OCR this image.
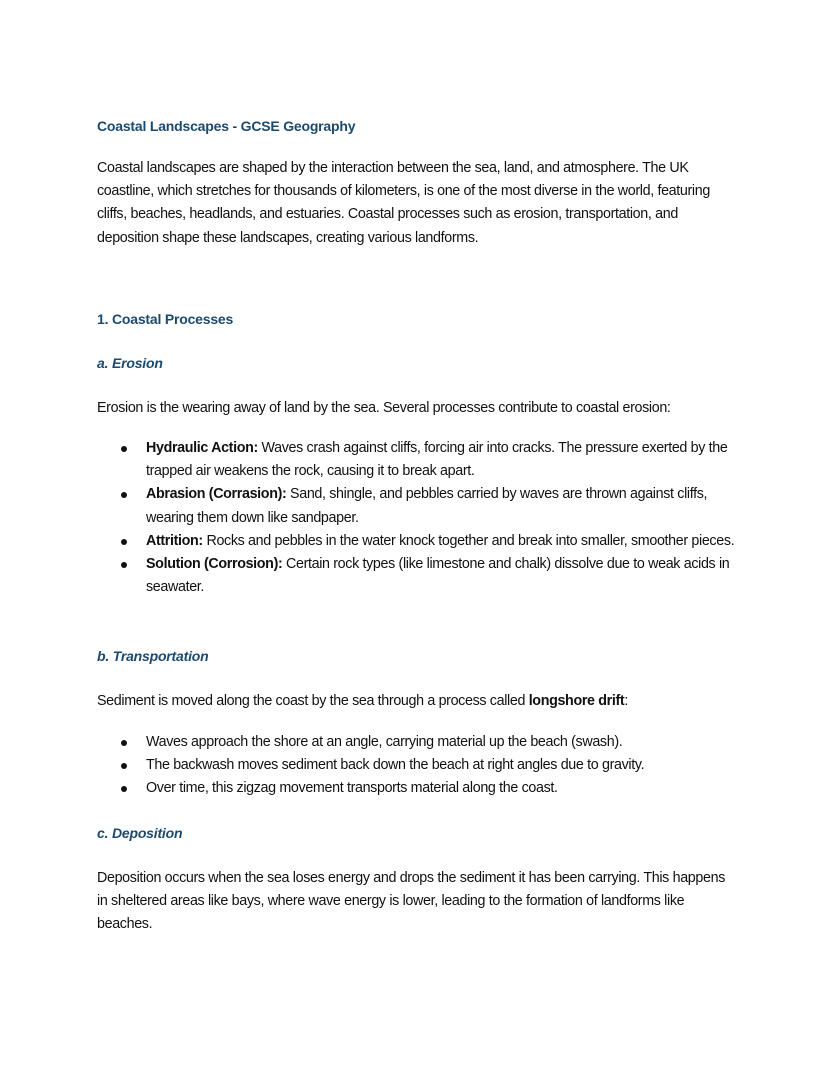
Coastal Landscapes - GCSE Geography

Coastal landscapes are shaped by the interaction between the sea, land, and atmosphere. The UK coastline, which stretches for thousands of kilometers, is one of the most diverse in the world, featuring cliffs, beaches, headlands, and estuaries. Coastal processes such as erosion, transportation, and deposition shape these landscapes, creating various landforms.

1. Coastal Processes
a. Erosion

Erosion is the wearing away of land by the sea. Several processes contribute to coastal erosion:

Hydraulic Action: Waves crash against cliffs, forcing air into cracks. The pressure exerted by the trapped air weakens the rock, causing it to break apart.
Abrasion (Corrasion): Sand, shingle, and pebbles carried by waves are thrown against cliffs, wearing them down like sandpaper.
Attrition: Rocks and pebbles in the water knock together and break into smaller, smoother pieces.
Solution (Corrosion): Certain rock types (like limestone and chalk) dissolve due to weak acids in seawater.
b. Transportation

Sediment is moved along the coast by the sea through a process called longshore drift:

Waves approach the shore at an angle, carrying material up the beach (swash).
The backwash moves sediment back down the beach at right angles due to gravity.
Over time, this zigzag movement transports material along the coast.
c. Deposition

Deposition occurs when the sea loses energy and drops the sediment it has been carrying. This happens in sheltered areas like bays, where wave energy is lower, leading to the formation of landforms like beaches.
